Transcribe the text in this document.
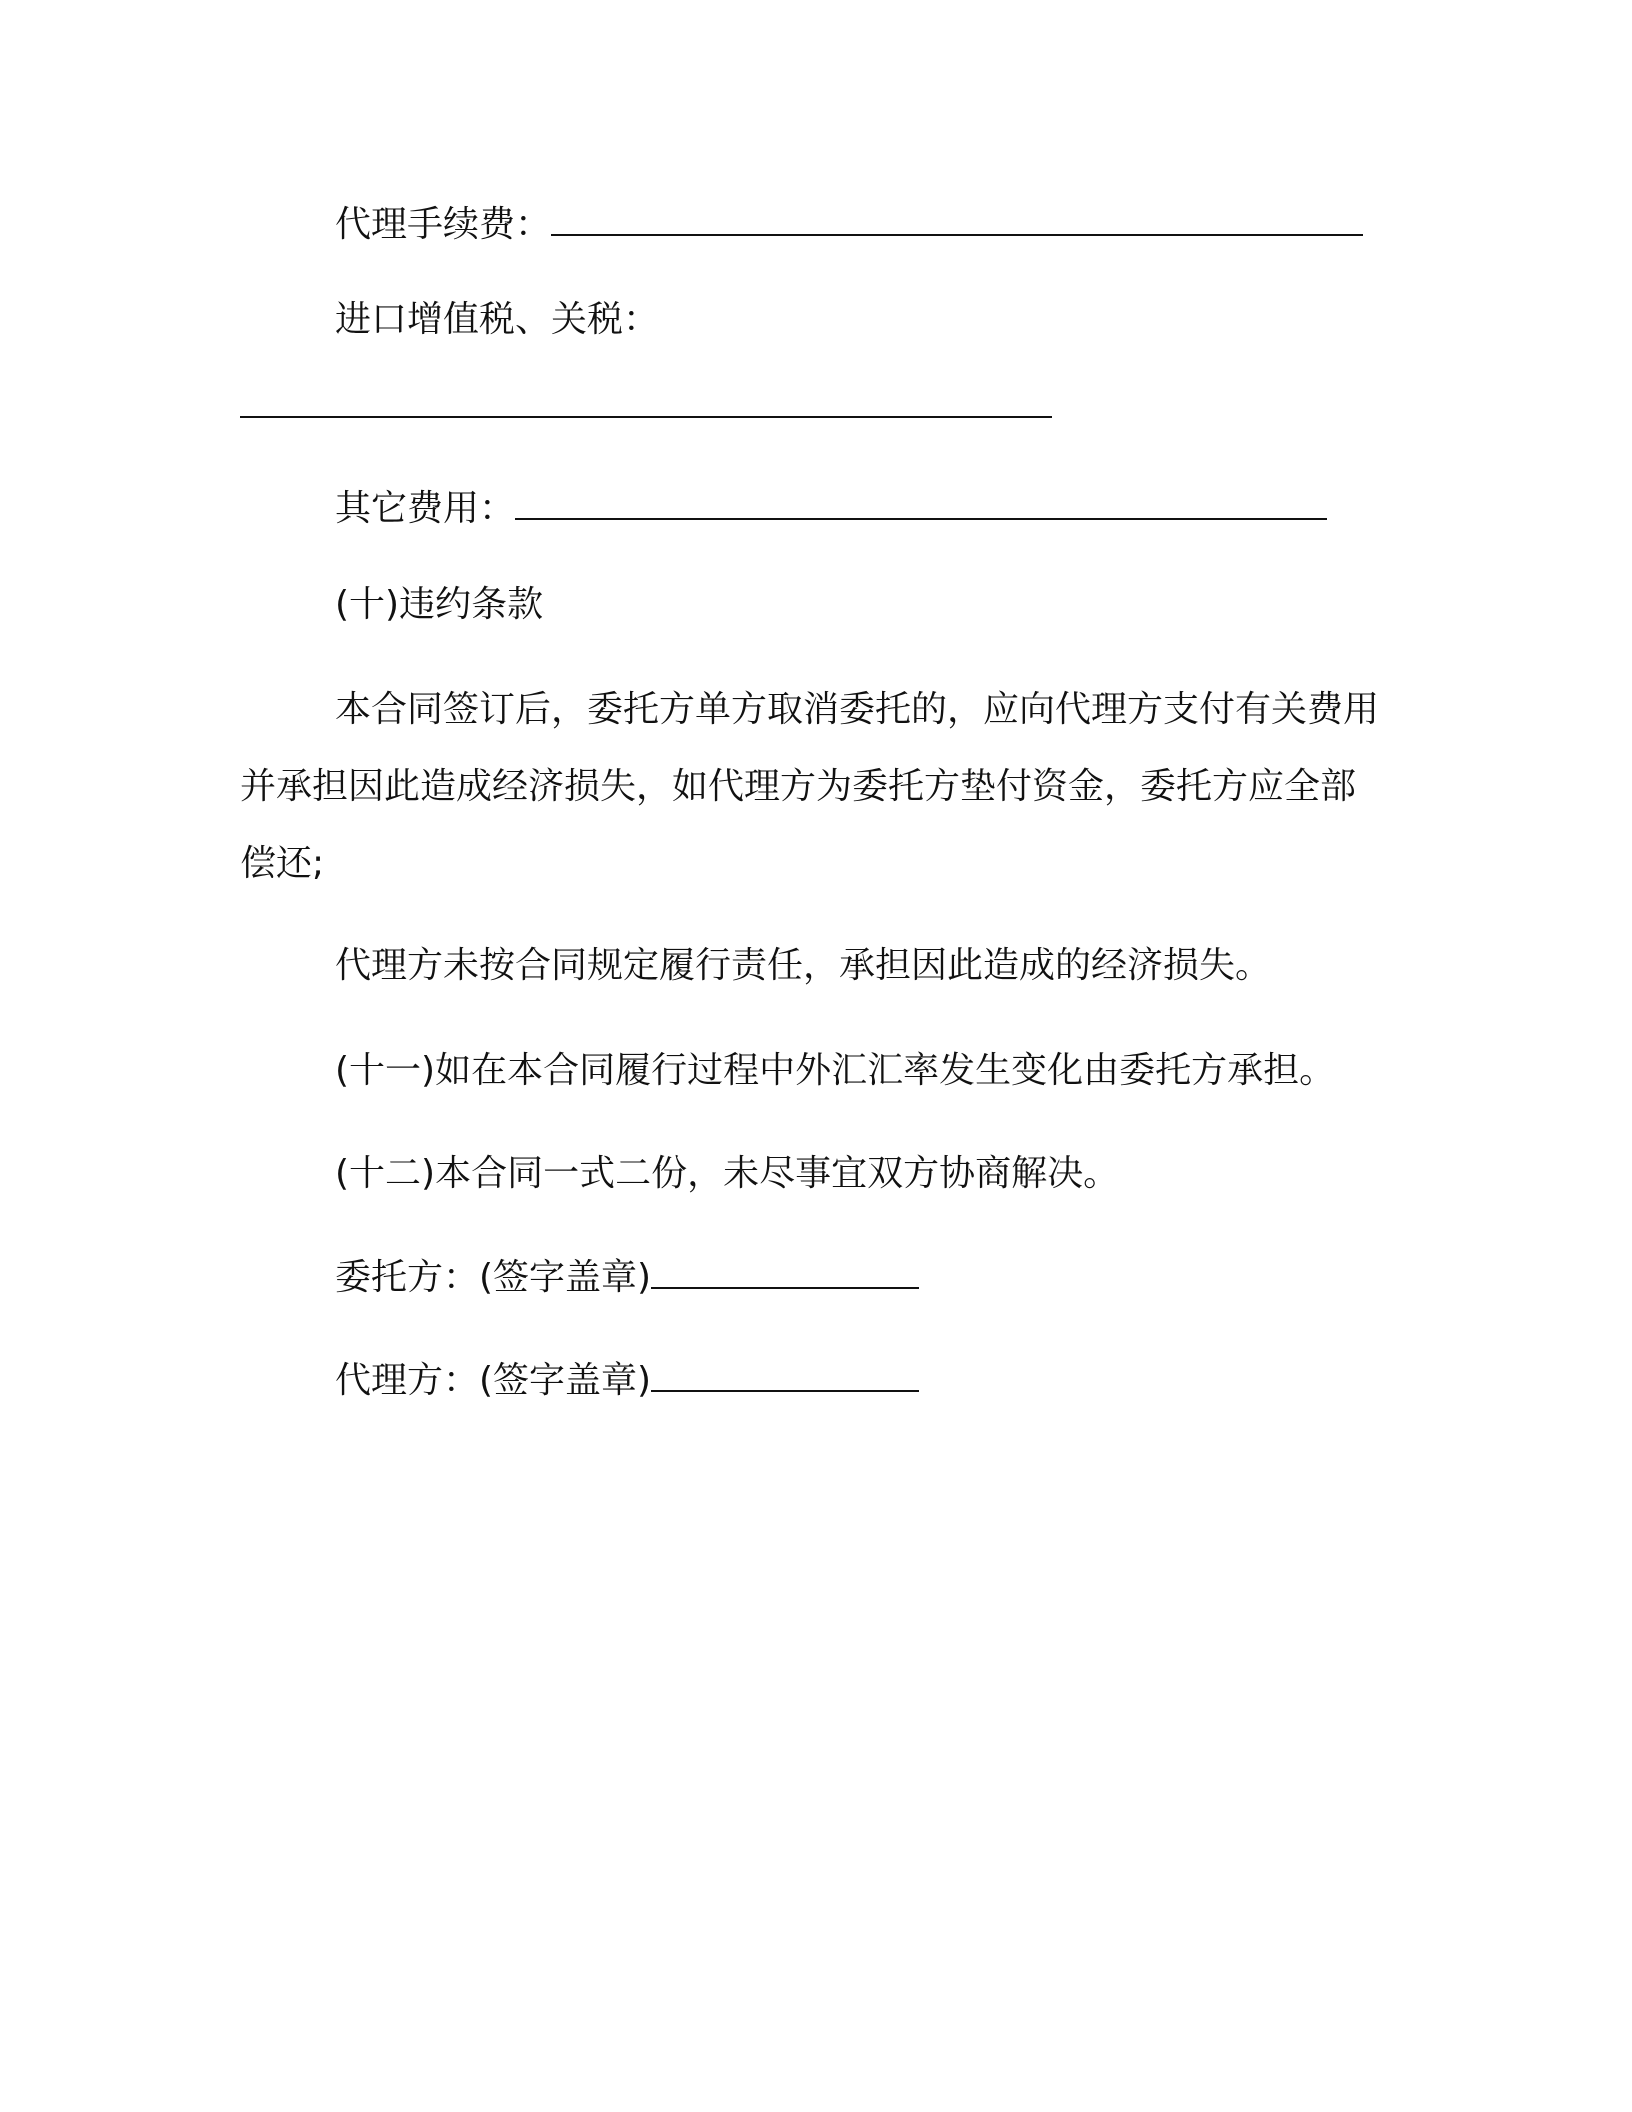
代理手续费：
进口增值税、关税：
其它费用：
(十)违约条款
本合同签订后，委托方单方取消委托的，应向代理方支付有关费用并承担因此造成经济损失，如代理方为委托方垫付资金，委托方应全部偿还;
代理方未按合同规定履行责任，承担因此造成的经济损失。
(十一)如在本合同履行过程中外汇汇率发生变化由委托方承担。
(十二)本合同一式二份，未尽事宜双方协商解决。
委托方：(签字盖章)
代理方：(签字盖章)
